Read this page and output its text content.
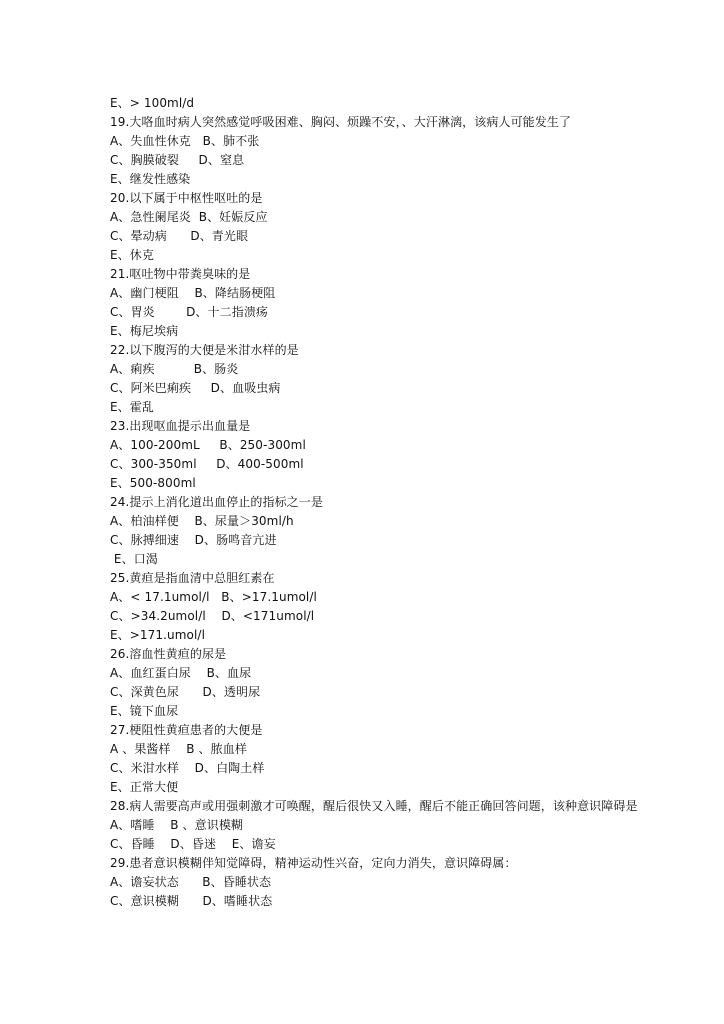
E、> 100ml/d
19.大咯血时病人突然感觉呼吸困难、胸闷、烦躁不安，、大汗淋漓，该病人可能发生了
A、失血性休克   B、肺不张
C、胸膜破裂     D、窒息
E、继发性感染
20.以下属于中枢性呕吐的是
A、急性阑尾炎  B、妊娠反应
C、晕动病      D、青光眼
E、休克
21.呕吐物中带粪臭味的是
A、幽门梗阻    B、降结肠梗阻
C、胃炎        D、十二指溃疡
E、梅尼埃病
22.以下腹泻的大便是米泔水样的是
A、痢疾          B、肠炎
C、阿米巴痢疾     D、血吸虫病
E、霍乱
23.出现呕血提示出血量是
A、100-200mL     B、250-300ml
C、300-350ml     D、400-500ml
E、500-800ml
24.提示上消化道出血停止的指标之一是
A、柏油样便    B、尿量＞30ml/h
C、脉搏细速    D、肠鸣音亢进
E、口渴
25.黄疸是指血清中总胆红素在
A、< 17.1umol/l   B、>17.1umol/l
C、>34.2umol/l    D、<171umol/l
E、>171.umol/l
26.溶血性黄疸的尿是
A、血红蛋白尿    B、血尿
C、深黄色尿      D、透明尿
E、镜下血尿
27.梗阻性黄疸患者的大便是
A 、果酱样    B 、脓血样
C、米泔水样    D、白陶土样
E、正常大便
28.病人需要高声或用强刺激才可唤醒，醒后很快又入睡，醒后不能正确回答问题，该种意识障碍是
A、嗜睡    B 、意识模糊
C、昏睡    D、昏迷    E、谵妄
29.患者意识模糊伴知觉障碍，精神运动性兴奋，定向力消失，意识障碍属：
A、谵妄状态      B、昏睡状态
C、意识模糊      D、嗜睡状态
